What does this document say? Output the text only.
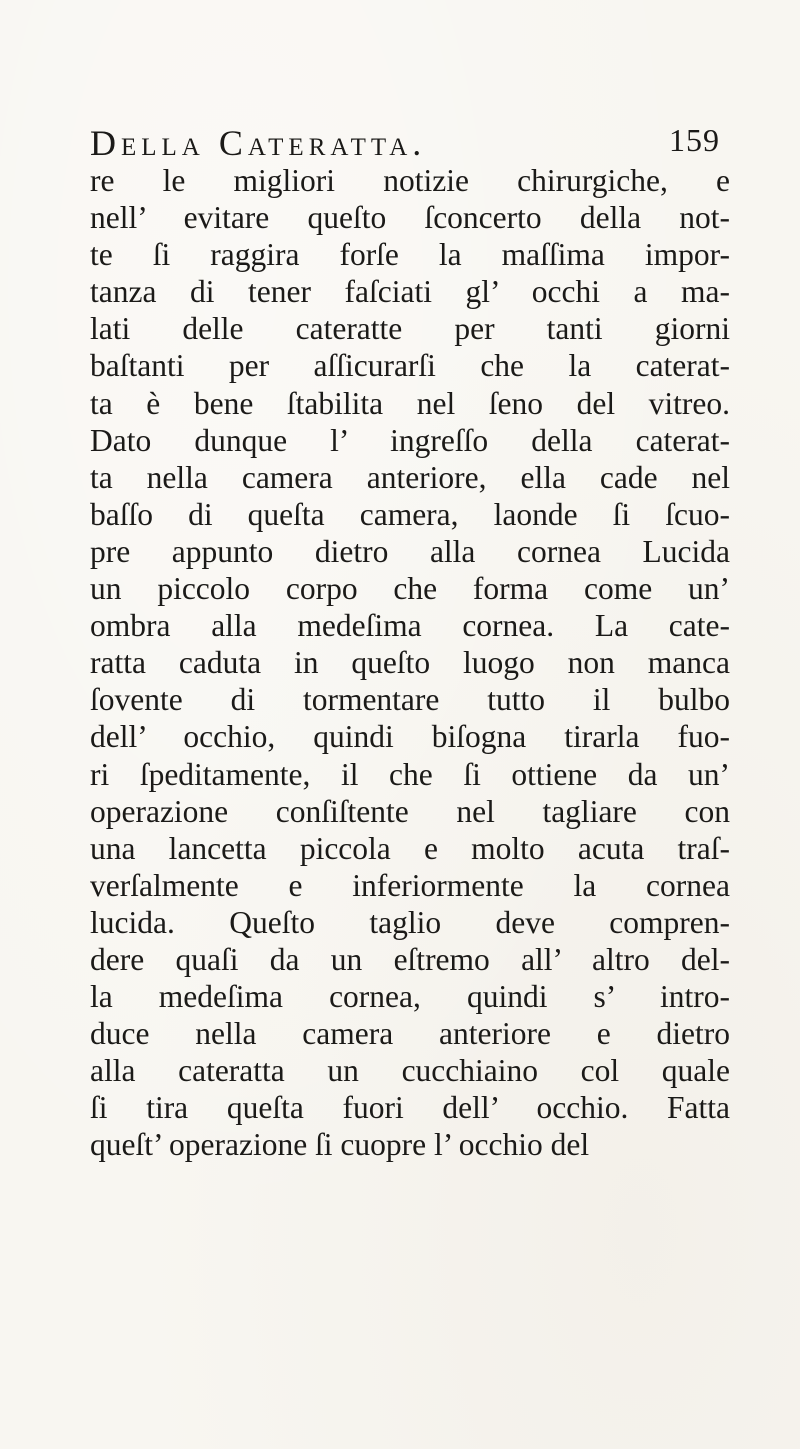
Della Cateratta.	159
re le migliori notizie chirurgiche, e
nell’ evitare queſto ſconcerto della not-
te ſi raggira forſe la maſſima impor-
tanza di tener faſciati gl’ occhi a ma-
lati delle cateratte per tanti giorni
baſtanti per aſſicurarſi che la caterat-
ta è bene ſtabilita nel ſeno del vitreo.
Dato dunque l’ ingreſſo della caterat-
ta nella camera anteriore, ella cade nel
baſſo di queſta camera, laonde ſi ſcuo-
pre appunto dietro alla cornea Lucida
un piccolo corpo che forma come un’
ombra alla medeſima cornea. La cate-
ratta caduta in queſto luogo non manca
ſovente di tormentare tutto il bulbo
dell’ occhio, quindi biſogna tirarla fuo-
ri ſpeditamente, il che ſi ottiene da un’
operazione conſiſtente nel tagliare con
una lancetta piccola e molto acuta traſ-
verſalmente e inferiormente la cornea
lucida. Queſto taglio deve compren-
dere quaſi da un eſtremo all’ altro del-
la medeſima cornea, quindi s’ intro-
duce nella camera anteriore e dietro
alla cateratta un cucchiaino col quale
ſi tira queſta fuori dell’ occhio. Fatta
queſt’ operazione ſi cuopre l’ occhio del
